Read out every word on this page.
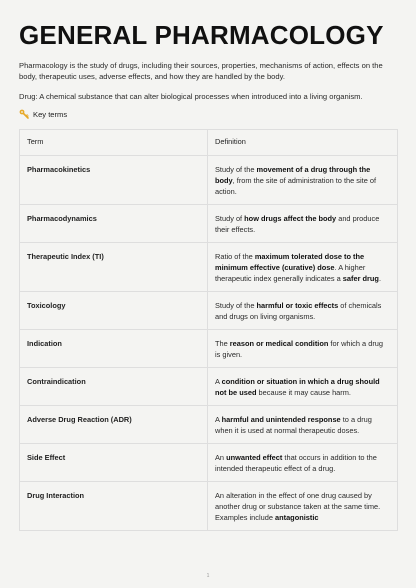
GENERAL PHARMACOLOGY

Pharmacology is the study of drugs, including their sources, properties, mechanisms of action, effects on the body, therapeutic uses, adverse effects, and how they are handled by the body.

Drug: A chemical substance that can alter biological processes when introduced into a living organism.

Key terms
Term	Definition
Pharmacokinetics	Study of the movement of a drug through the body, from the site of administration to the site of action.
Pharmacodynamics	Study of how drugs affect the body and produce their effects.
Therapeutic Index (TI)	Ratio of the maximum tolerated dose to the minimum effective (curative) dose. A higher therapeutic index generally indicates a safer drug.
Toxicology	Study of the harmful or toxic effects of chemicals and drugs on living organisms.
Indication	The reason or medical condition for which a drug is given.
Contraindication	A condition or situation in which a drug should not be used because it may cause harm.
Adverse Drug Reaction (ADR)	A harmful and unintended response to a drug when it is used at normal therapeutic doses.
Side Effect	An unwanted effect that occurs in addition to the intended therapeutic effect of a drug.
Drug Interaction	An alteration in the effect of one drug caused by another drug or substance taken at the same time. Examples include antagonistic
1
